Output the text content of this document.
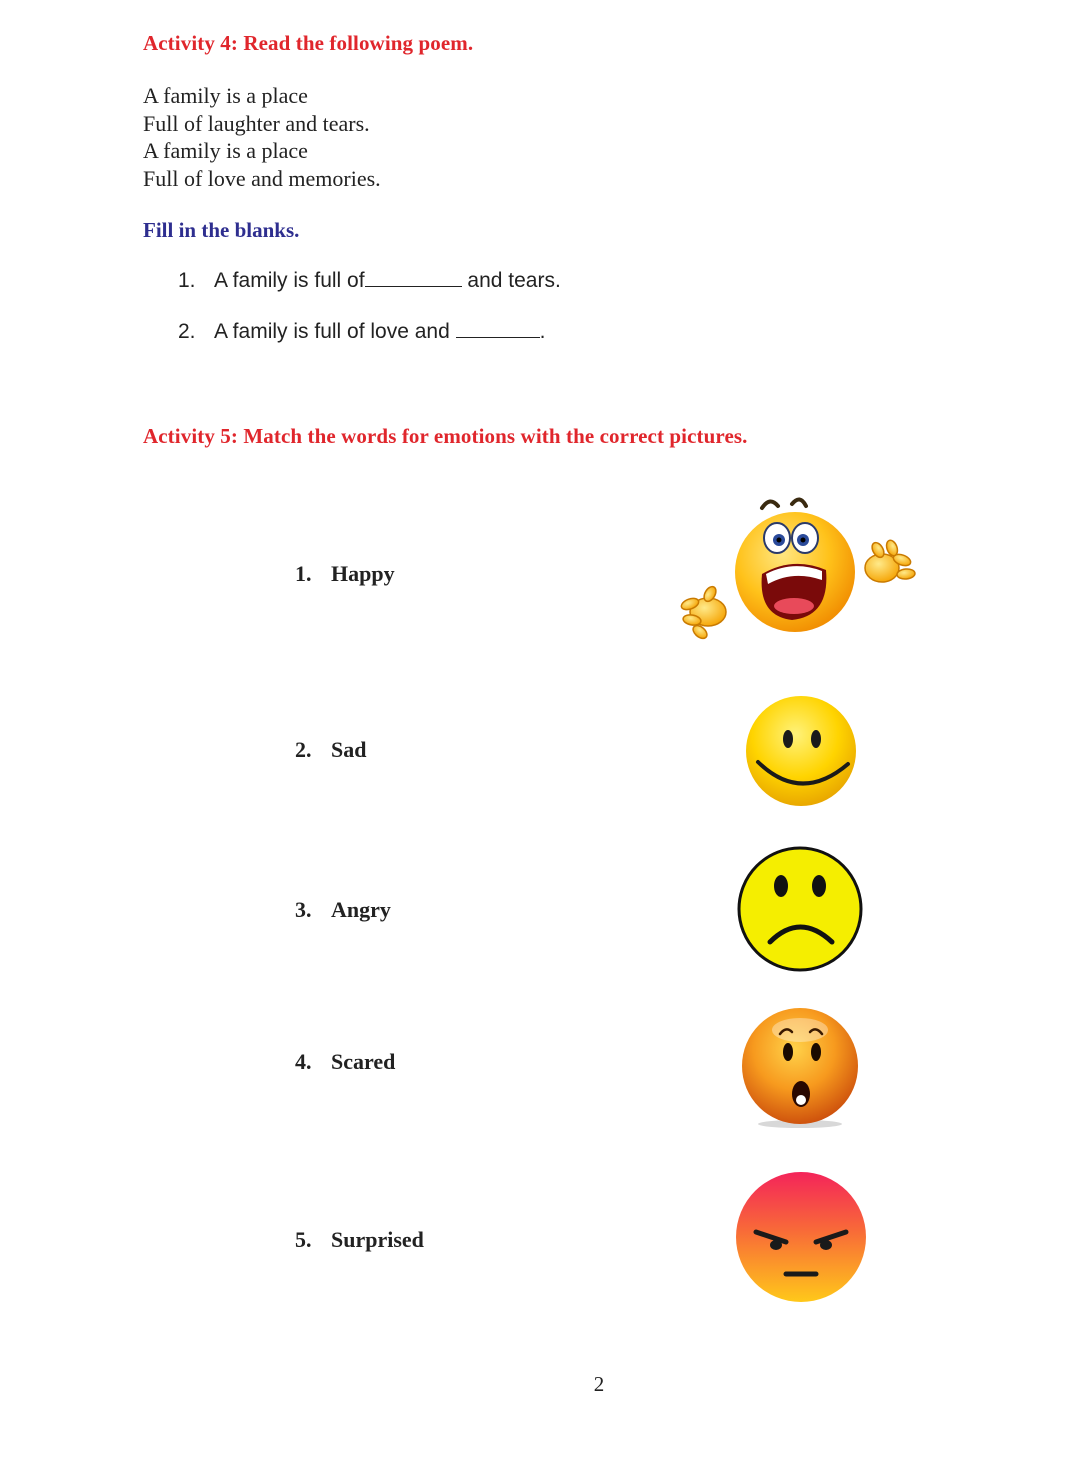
Activity 4: Read the following poem.
A family is a place
Full of laughter and tears.
A family is a place
Full of love and memories.
Fill in the blanks.
1. A family is full of	and tears.
2. A family is full of love and	.
Activity 5: Match the words for emotions with the correct pictures.
1. Happy
2. Sad
3. Angry
4. Scared
5. Surprised
2
